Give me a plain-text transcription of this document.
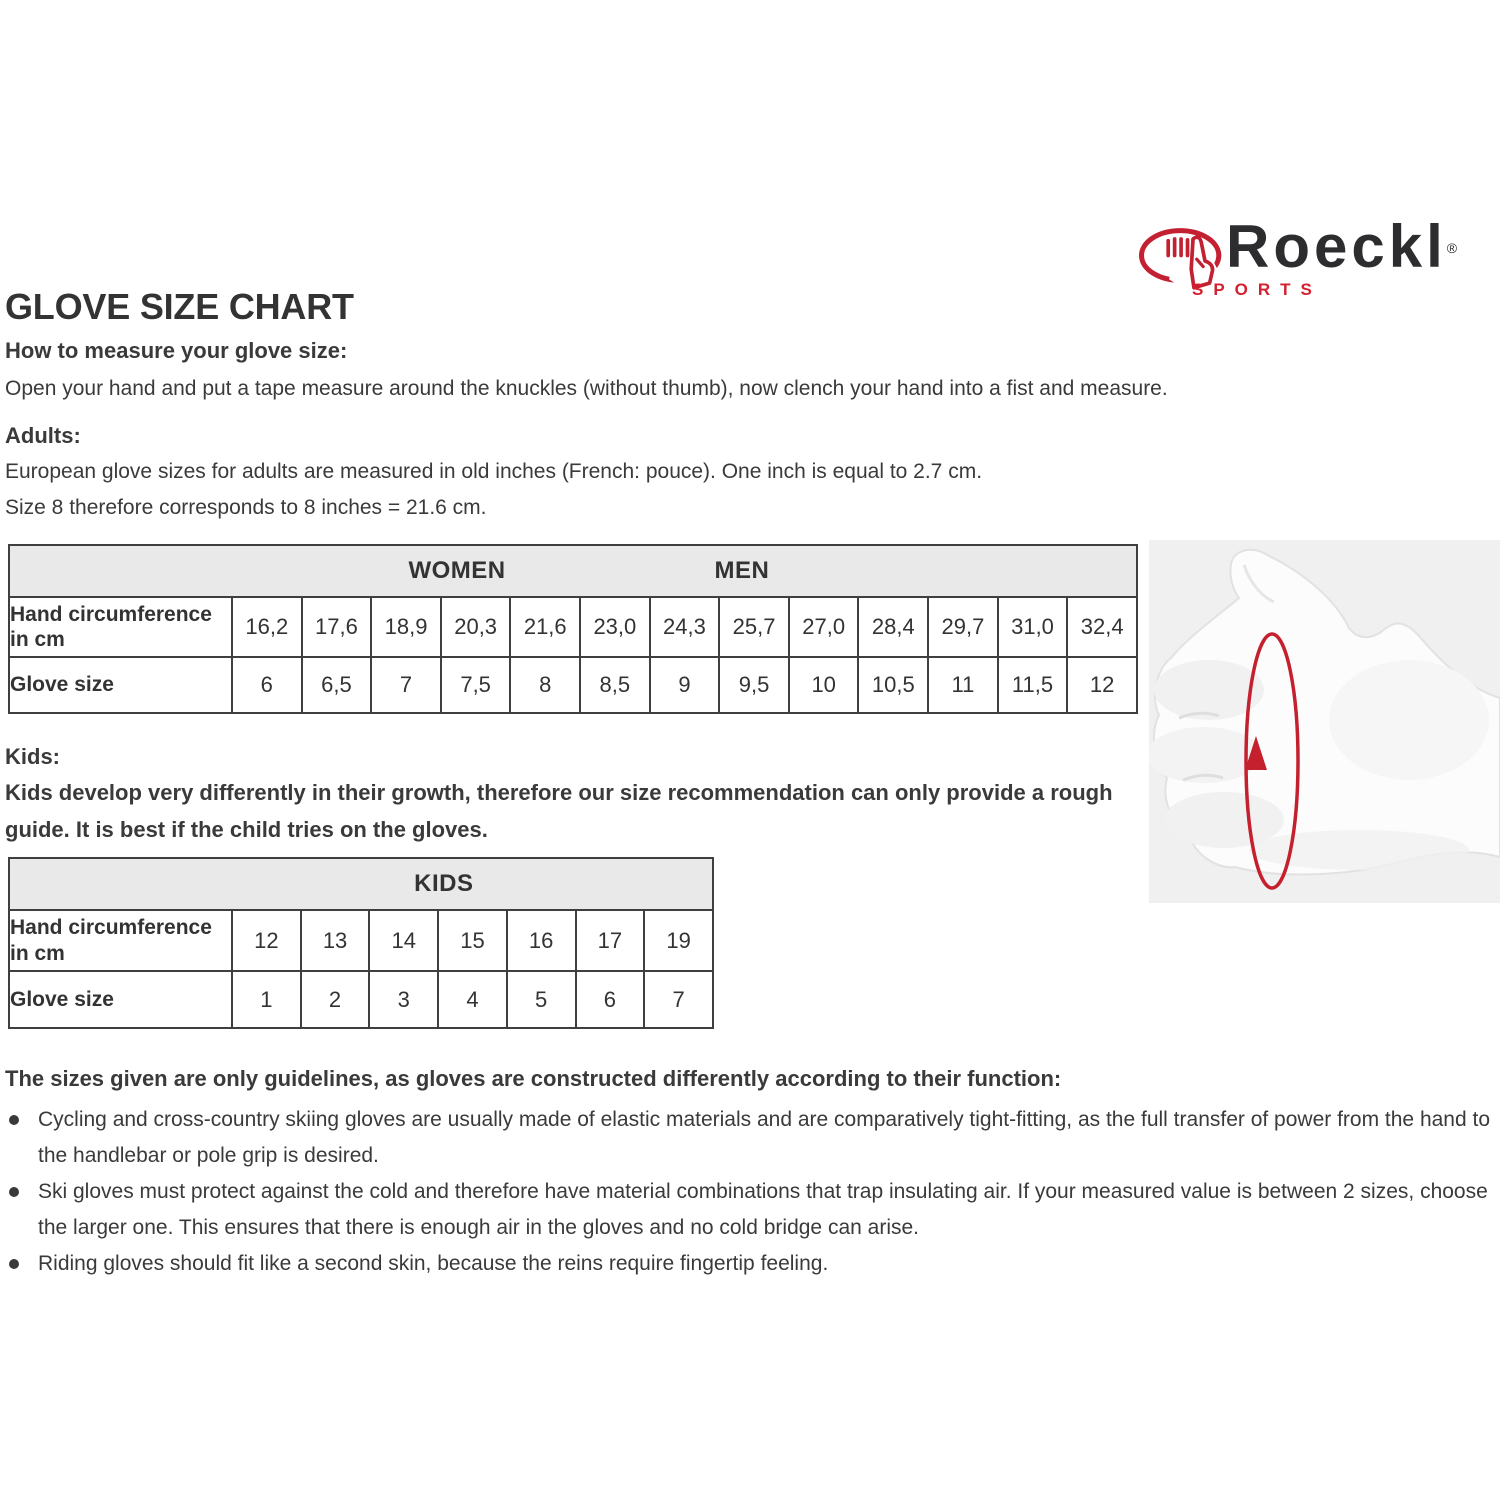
GLOVE SIZE CHART
Roeckl®
SPORTS
How to measure your glove size:
Open your hand and put a tape measure around the knuckles (without thumb), now clench your hand into a fist and measure.
Adults:
European glove sizes for adults are measured in old inches (French: pouce). One inch is equal to 2.7 cm.
Size 8 therefore corresponds to 8 inches = 21.6 cm.
WOMEN MEN													

Hand circumference in cm	16,2	17,6	18,9	20,3	21,6	23,0	24,3	25,7	27,0	28,4	29,7	31,0	32,4
Glove size	6	6,5	7	7,5	8	8,5	9	9,5	10	10,5	11	11,5	12
Kids:
Kids develop very differently in their growth, therefore our size recommendation can only provide a rough guide. It is best if the child tries on the gloves.
KIDS							

Hand circumference in cm	12	13	14	15	16	17	19
Glove size	1	2	3	4	5	6	7
The sizes given are only guidelines, as gloves are constructed differently according to their function:
Cycling and cross-country skiing gloves are usually made of elastic materials and are comparatively tight-fitting, as the full transfer of power from the hand to the handlebar or pole grip is desired.
Ski gloves must protect against the cold and therefore have material combinations that trap insulating air. If your measured value is between 2 sizes, choose the larger one. This ensures that there is enough air in the gloves and no cold bridge can arise.
Riding gloves should fit like a second skin, because the reins require fingertip feeling.
